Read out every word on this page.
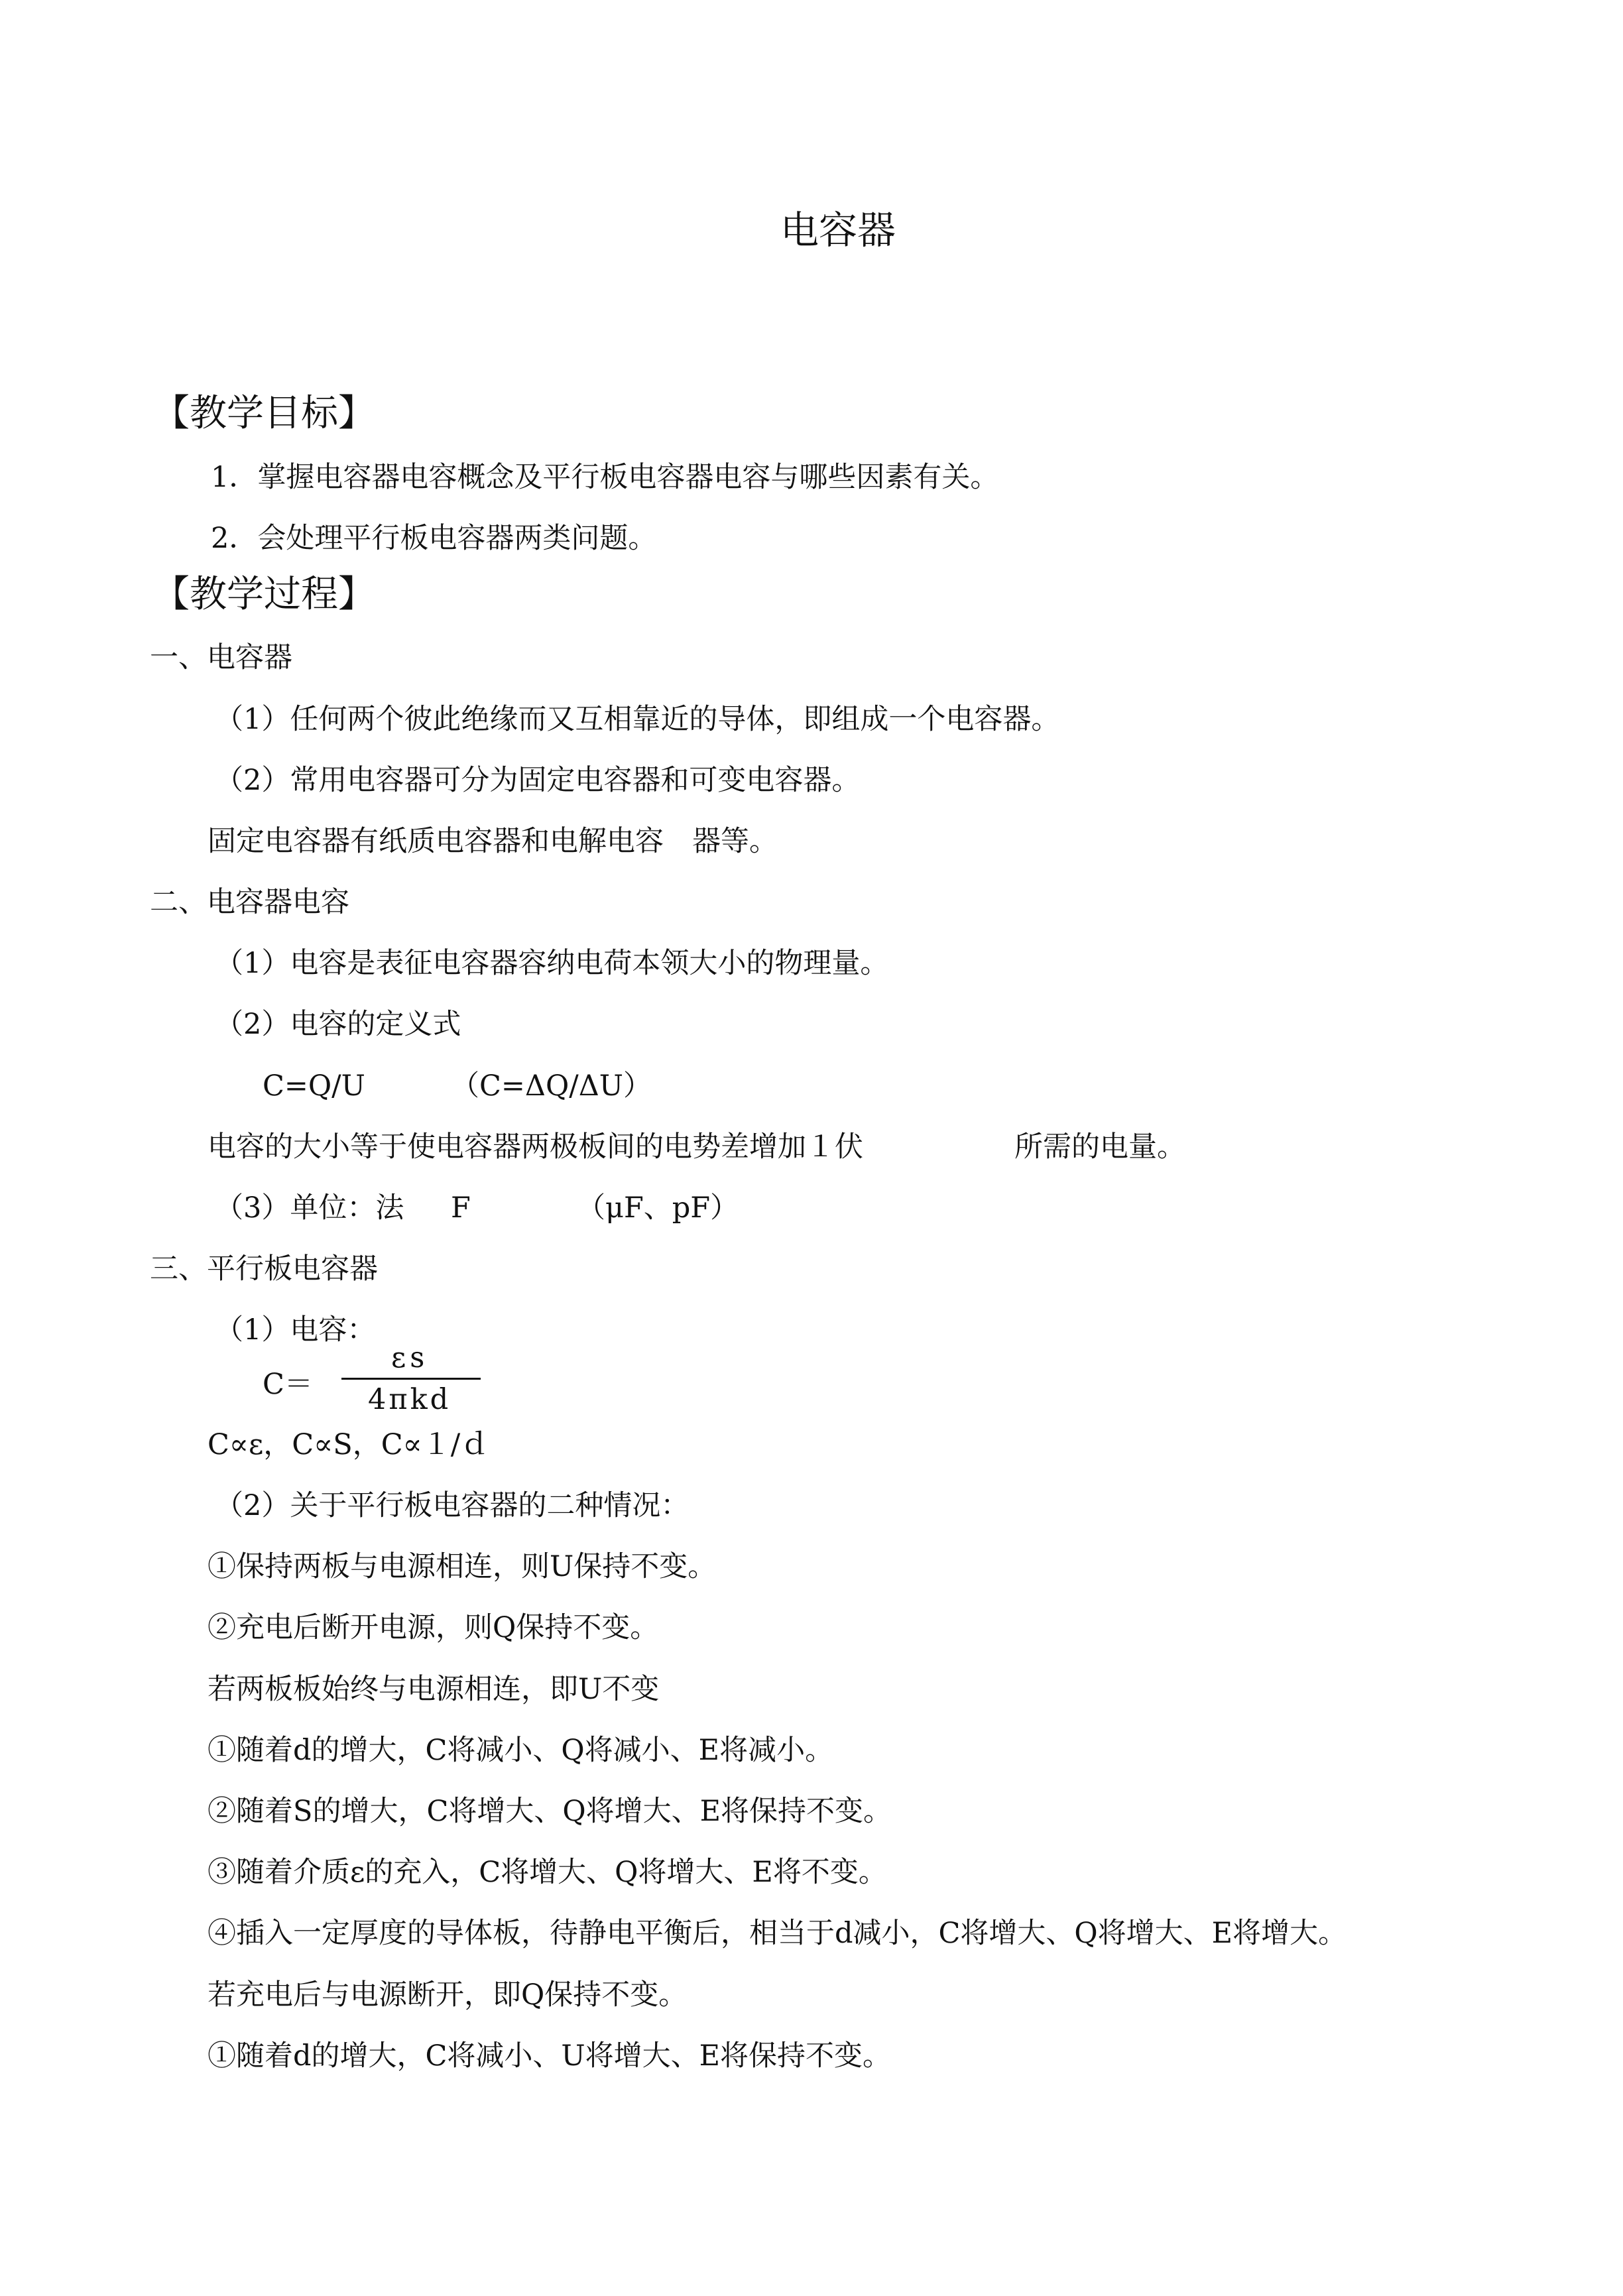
电容器
【教学目标】
1．掌握电容器电容概念及平行板电容器电容与哪些因素有关。
2．会处理平行板电容器两类问题。
【教学过程】
一、电容器
（1）任何两个彼此绝缘而又互相靠近的导体，即组成一个电容器。
（2）常用电容器可分为固定电容器和可变电容器。
固定电容器有纸质电容器和电解电容　器等。
二、电容器电容
（1）电容是表征电容器容纳电荷本领大小的物理量。
（2）电容的定义式
C=Q/U	（C=ΔQ/ΔU）
电容的大小等于使电容器两极板间的电势差增加１伏	所需的电量。
（3）单位：法 F	（μF、pF）
三、平行板电容器
（1）电容：
C＝
εs
4πkd
C∝ε，C∝S，C∝１/ｄ
（2）关于平行板电容器的二种情况：
①保持两板与电源相连，则U保持不变。
②充电后断开电源，则Q保持不变。
若两板板始终与电源相连，即U不变
①随着d的增大，C将减小、Q将减小、E将减小。
②随着S的增大，C将增大、Q将增大、E将保持不变。
③随着介质ε的充入，C将增大、Q将增大、E将不变。
④插入一定厚度的导体板，待静电平衡后，相当于d减小，C将增大、Q将增大、E将增大。
若充电后与电源断开，即Q保持不变。
①随着d的增大，C将减小、U将增大、E将保持不变。
